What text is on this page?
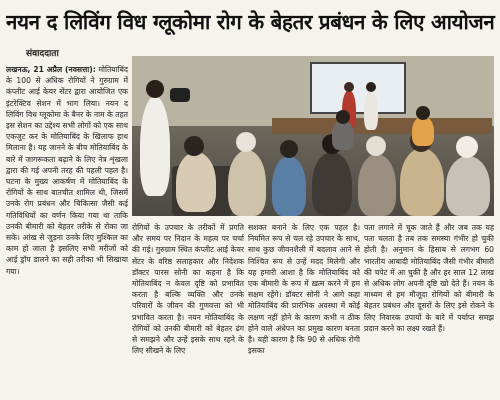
नयन द लिविंग विध ग्लूकोमा रोग के बेहतर प्रबंधन के लिए आयोजन
संवाददाता

लखनऊ, 21 अप्रैल (नवसत्ता): मोतियाबिंद के 100 से अधिक रोगियों ने गुरुग्राम में कंप्लीट आई केयर सेंटर द्वारा आयोजित एक इंटरेक्टिव सेशन में भाग लिया। नयन द लिविंग विध ग्लूकोमा के बैनर के नाम के तहत इस सेशन का उद्देश्य सभी लोगों को एक साथ एकजुट कर के मोतियाबिंद के खिलाफ हाथ मिलाना है। यह जानने के बीच मोतियाबिंद के बारे में जागरूकता बढ़ाने के लिए नेत्र शृंखला द्वारा की गई अपनी तरह की पहली पहल है। घटना के मुख्य आकर्षण में मोतियाबिंद के रोगियों के साथ बातचीत शामिल थी, जिसमें उनके रोग प्रबंधन और चिकित्सा जैसी कई गतिविधियों का वर्णन किया गया था ताकि उनकी बीमारी को बेहतर तरीके से रोका जा सके। आंख से जुड़ना उनके लिए मुश्किल का काम हो जाता है इसलिए सभी मरीजों को आई ड्रॉप डालने का सही तरीका भी सिखाया गया।

रोगियों के उपचार के तरीकों में प्रगति और समय पर निदान के महत्व पर चर्चा की गई। गुरुग्राम स्थित कंप्लीट आई केयर सेंटर के वरिष्ठ सलाहकार और निदेशक डॉक्टर पारस सोनी का कहना है कि मोतियाबिंद न केवल दृष्टि को प्रभावित करता है बल्कि व्यक्ति और उनके परिवारों के जीवन की गुणवत्ता को भी प्रभावित करता है। नयन मोतियाबिंद के रोगियों को उनकी बीमारी को बेहतर ढंग से समझने और उन्हें इसके साथ रहने के लिए सीखने के लिए

सशक्त बनाने के लिए एक पहल है। नियमित रूप से चल रहे उपचार के साथ, साथ कुछ जीवनशैली में बदलाव आने से निश्चित रूप से उन्हें मदद मिलेगी और यह हमारी आशा है कि मोतियाबिंद को एक बीमारी के रूप में ख़त्म करने में हम सक्षम रहेंगे। डॉक्टर सोनी ने आगे कहा मोतियाबिंद की प्रारंभिक अवस्था में कोई लक्षण नहीं होने के कारण कभी न ठीक होने वाले अंधेपन का प्रमुख कारण बनता है। यही कारण है कि 90 से अधिक रोगी इसका

पता लगाने में चूक जाते हैं और जब तक यह पता चलता है तब तक समस्या गंभीर हो चुकी होती है। अनुमान के हिसाब से लगभग 60 भारतीय आबादी मोतियाबिंद जैसी गंभीर बीमारी की चपेट में आ चुकी है और हर साल 12 लाख से अधिक लोग अपनी दृष्टि खो देते हैं। नयन के माध्यम से हम मौजूदा रोगियों को बीमारी के बेहतर प्रबंधन और दूसरों के लिए इसे रोकने के लिए निवारक उपायों के बारे में पर्याप्त समझ प्रदान करने का लक्ष्य रखते हैं।
